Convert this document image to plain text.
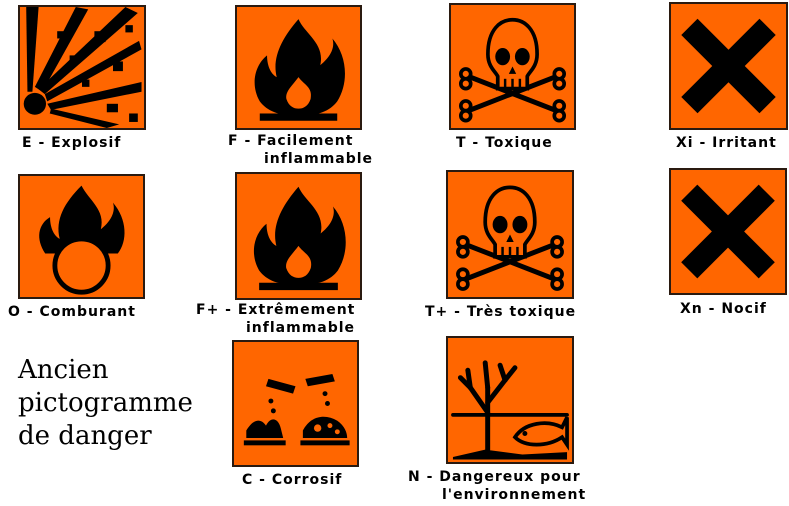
E - Explosif	F - Facilement
inflammable
T - Toxique	Xi - Irritant
O - Comburant	F+ - Extrêmement
inflammable
T+ - Très toxique	Xn - Nocif
Ancien
pictogramme
de danger
C - Corrosif	N - Dangereux pour
l'environnement
